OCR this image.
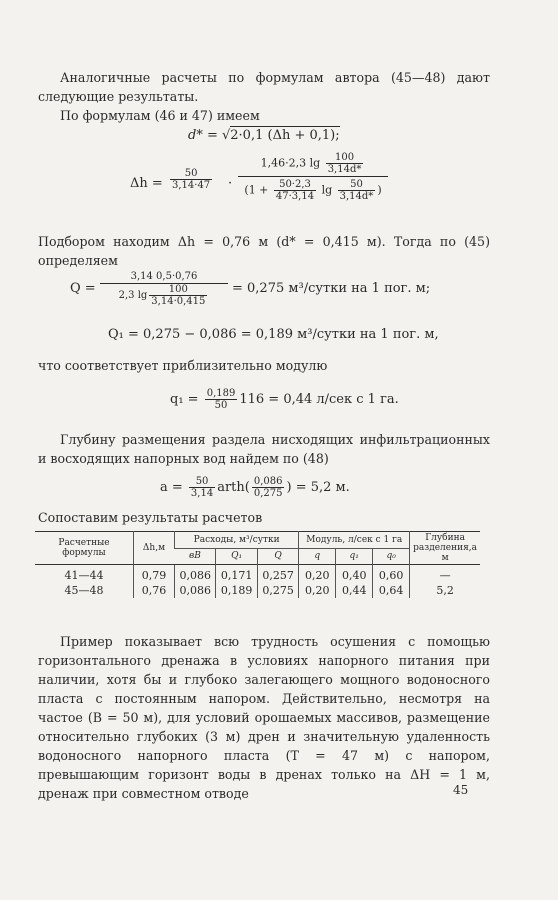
Аналогичные расчеты по формулам автора (45—48) дают следующие результаты.

По формулам (46 и 47) имеем

d* = √2·0,1 (Δh + 0,1);
$\Delta h = \frac{50}{3,14\cdot 47}$ ·
1,46·2,3 $\lg \frac{100}{3,14d*}$
($1 + \frac{50\cdot 2,3}{47\cdot 3,14}$ $\lg \frac{50}{3,14d*}$ )

Подбором находим Δh = 0,76 м (d* = 0,415 м). Тогда по (45) определяем

Q =
3,14 0,5·0,76
2,3 $\lg \frac{100}{3,14\cdot 0,415} = 0,275$ м³/сутки на 1 пог. м;
Q₁ = 0,275 − 0,086 = 0,189 м³/сутки на 1 пог. м,

что соответствует приблизительно модулю

$q_1 = \frac{0,189}{50} 116 = 0,44$ л/сек с 1 га.

Глубину размещения раздела нисходящих инфильтрационных и восходящих напорных вод найдем по (48)

$a = \frac{50}{3,14}$ arth( $\frac{0,086}{0,275}$ ) = 5,2 м.

Сопоставим результаты расчетов

Расчетные формулы	Δh,м	Расходы, м³/сутки			Модуль, л/сек с 1 га			Глубина разделения,а м
		вВ	Q₁	Q	q	q₁	q₀	
41—44	0,79	0,086	0,171	0,257	0,20	0,40	0,60	—
45—48	0,76	0,086	0,189	0,275	0,20	0,44	0,64	5,2

Пример показывает всю трудность осушения с помощью горизонтального дренажа в условиях напорного питания при наличии, хотя бы и глубоко залегающего мощного водоносного пласта с постоянным напором. Действительно, несмотря на частое (B = 50 м), для условий орошаемых массивов, размещение относительно глубоких (3 м) дрен и значительную удаленность водоносного напорного пласта (T = 47 м) с напором, превышающим горизонт воды в дренах только на ΔH = 1 м, дренаж при совместном отводе	45
